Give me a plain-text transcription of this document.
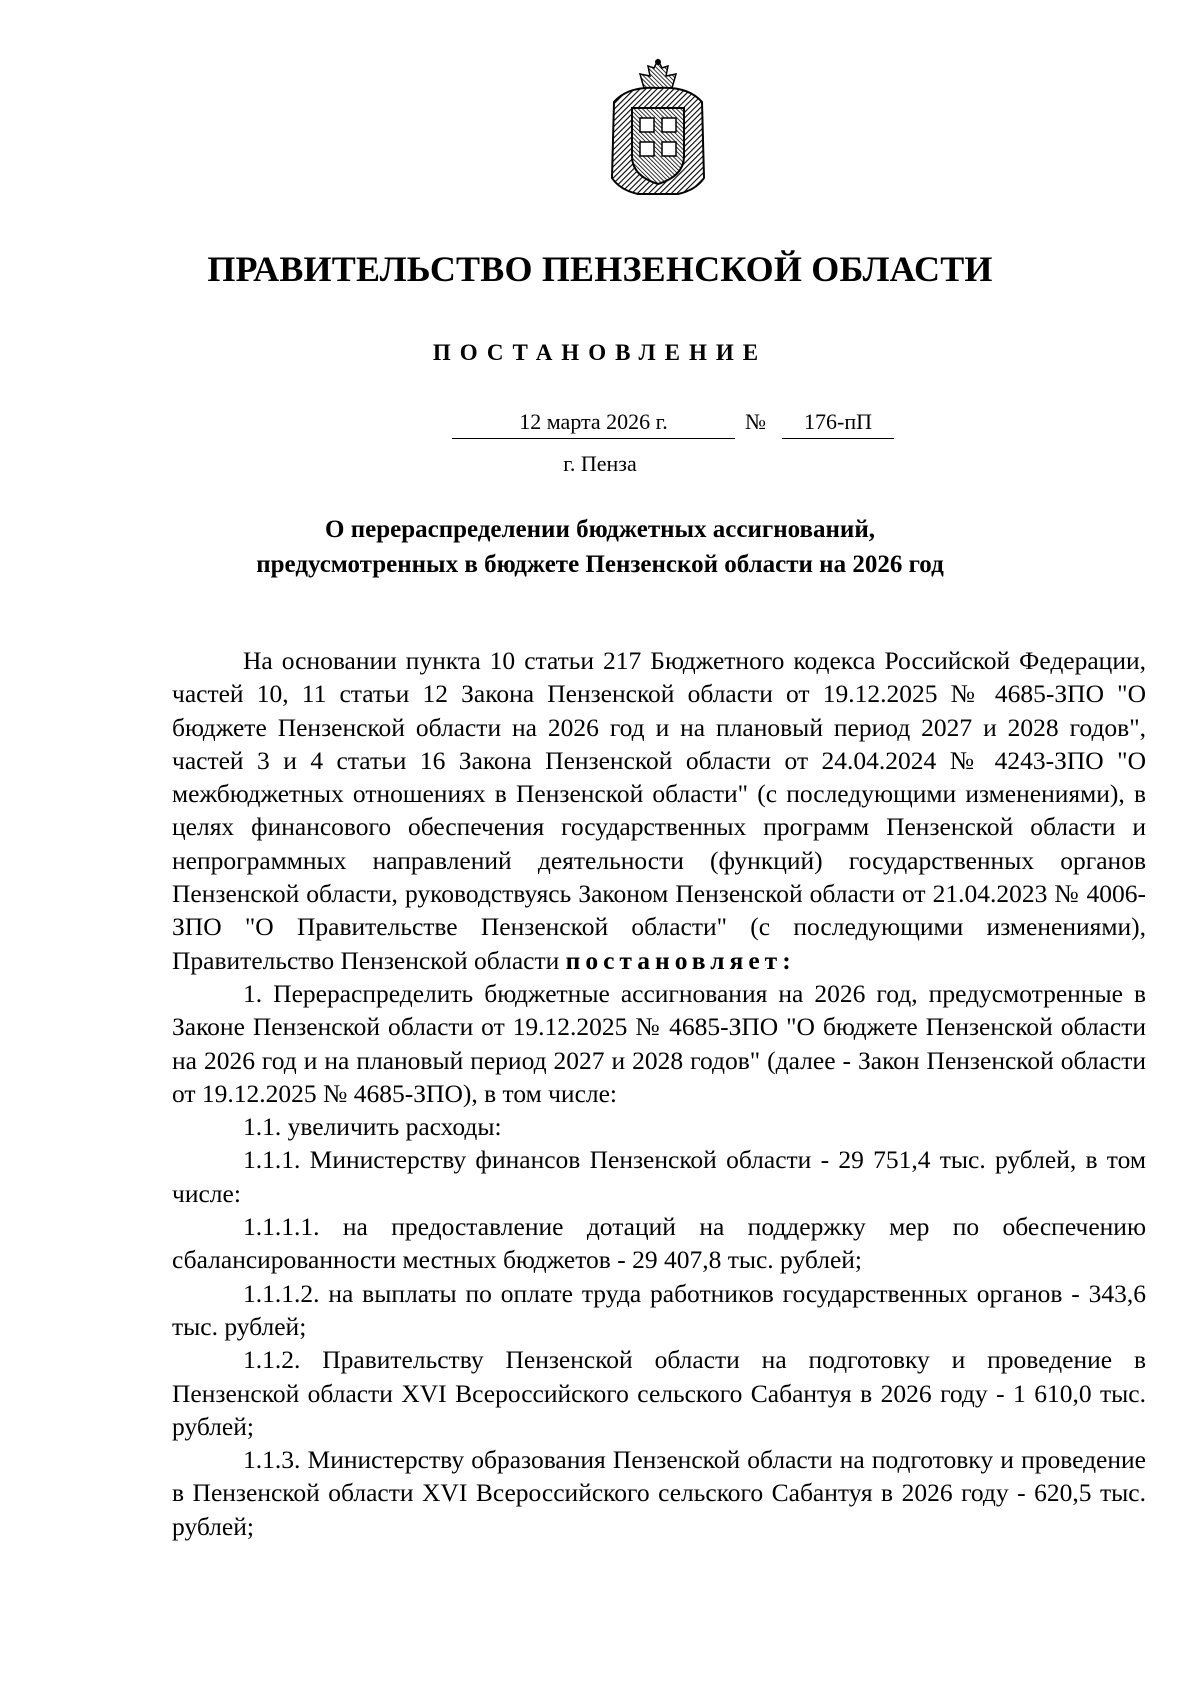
ПРАВИТЕЛЬСТВО ПЕНЗЕНСКОЙ ОБЛАСТИ
ПОСТАНОВЛЕНИЕ
12 марта 2026 г.	№	176-пП
г. Пенза
О перераспределении бюджетных ассигнований,
предусмотренных в бюджете Пензенской области на 2026 год

На основании пункта 10 статьи 217 Бюджетного кодекса Российской Федерации, частей 10, 11 статьи 12 Закона Пензенской области от 19.12.2025 № 4685-ЗПО "О бюджете Пензенской области на 2026 год и на плановый период 2027 и 2028 годов", частей 3 и 4 статьи 16 Закона Пензенской области от 24.04.2024 № 4243-ЗПО "О межбюджетных отношениях в Пензенской области" (с последующими изменениями), в целях финансового обеспечения государственных программ Пензенской области и непрограммных направлений деятельности (функций) государственных органов Пензенской области, руководствуясь Законом Пензенской области от 21.04.2023 № 4006-ЗПО "О Правительстве Пензенской области" (с последующими изменениями), Правительство Пензенской области постановляет:

1. Перераспределить бюджетные ассигнования на 2026 год, предусмотренные в Законе Пензенской области от 19.12.2025 № 4685-ЗПО "О бюджете Пензенской области на 2026 год и на плановый период 2027 и 2028 годов" (далее - Закон Пензенской области от 19.12.2025 № 4685-ЗПО), в том числе:

1.1. увеличить расходы:

1.1.1. Министерству финансов Пензенской области - 29 751,4 тыс. рублей, в том числе:

1.1.1.1. на предоставление дотаций на поддержку мер по обеспечению сбалансированности местных бюджетов - 29 407,8 тыс. рублей;

1.1.1.2. на выплаты по оплате труда работников государственных органов - 343,6 тыс. рублей;

1.1.2. Правительству Пензенской области на подготовку и проведение в Пензенской области XVI Всероссийского сельского Сабантуя в 2026 году - 1 610,0 тыс. рублей;

1.1.3. Министерству образования Пензенской области на подготовку и проведение в Пензенской области XVI Всероссийского сельского Сабантуя в 2026 году - 620,5 тыс. рублей;
